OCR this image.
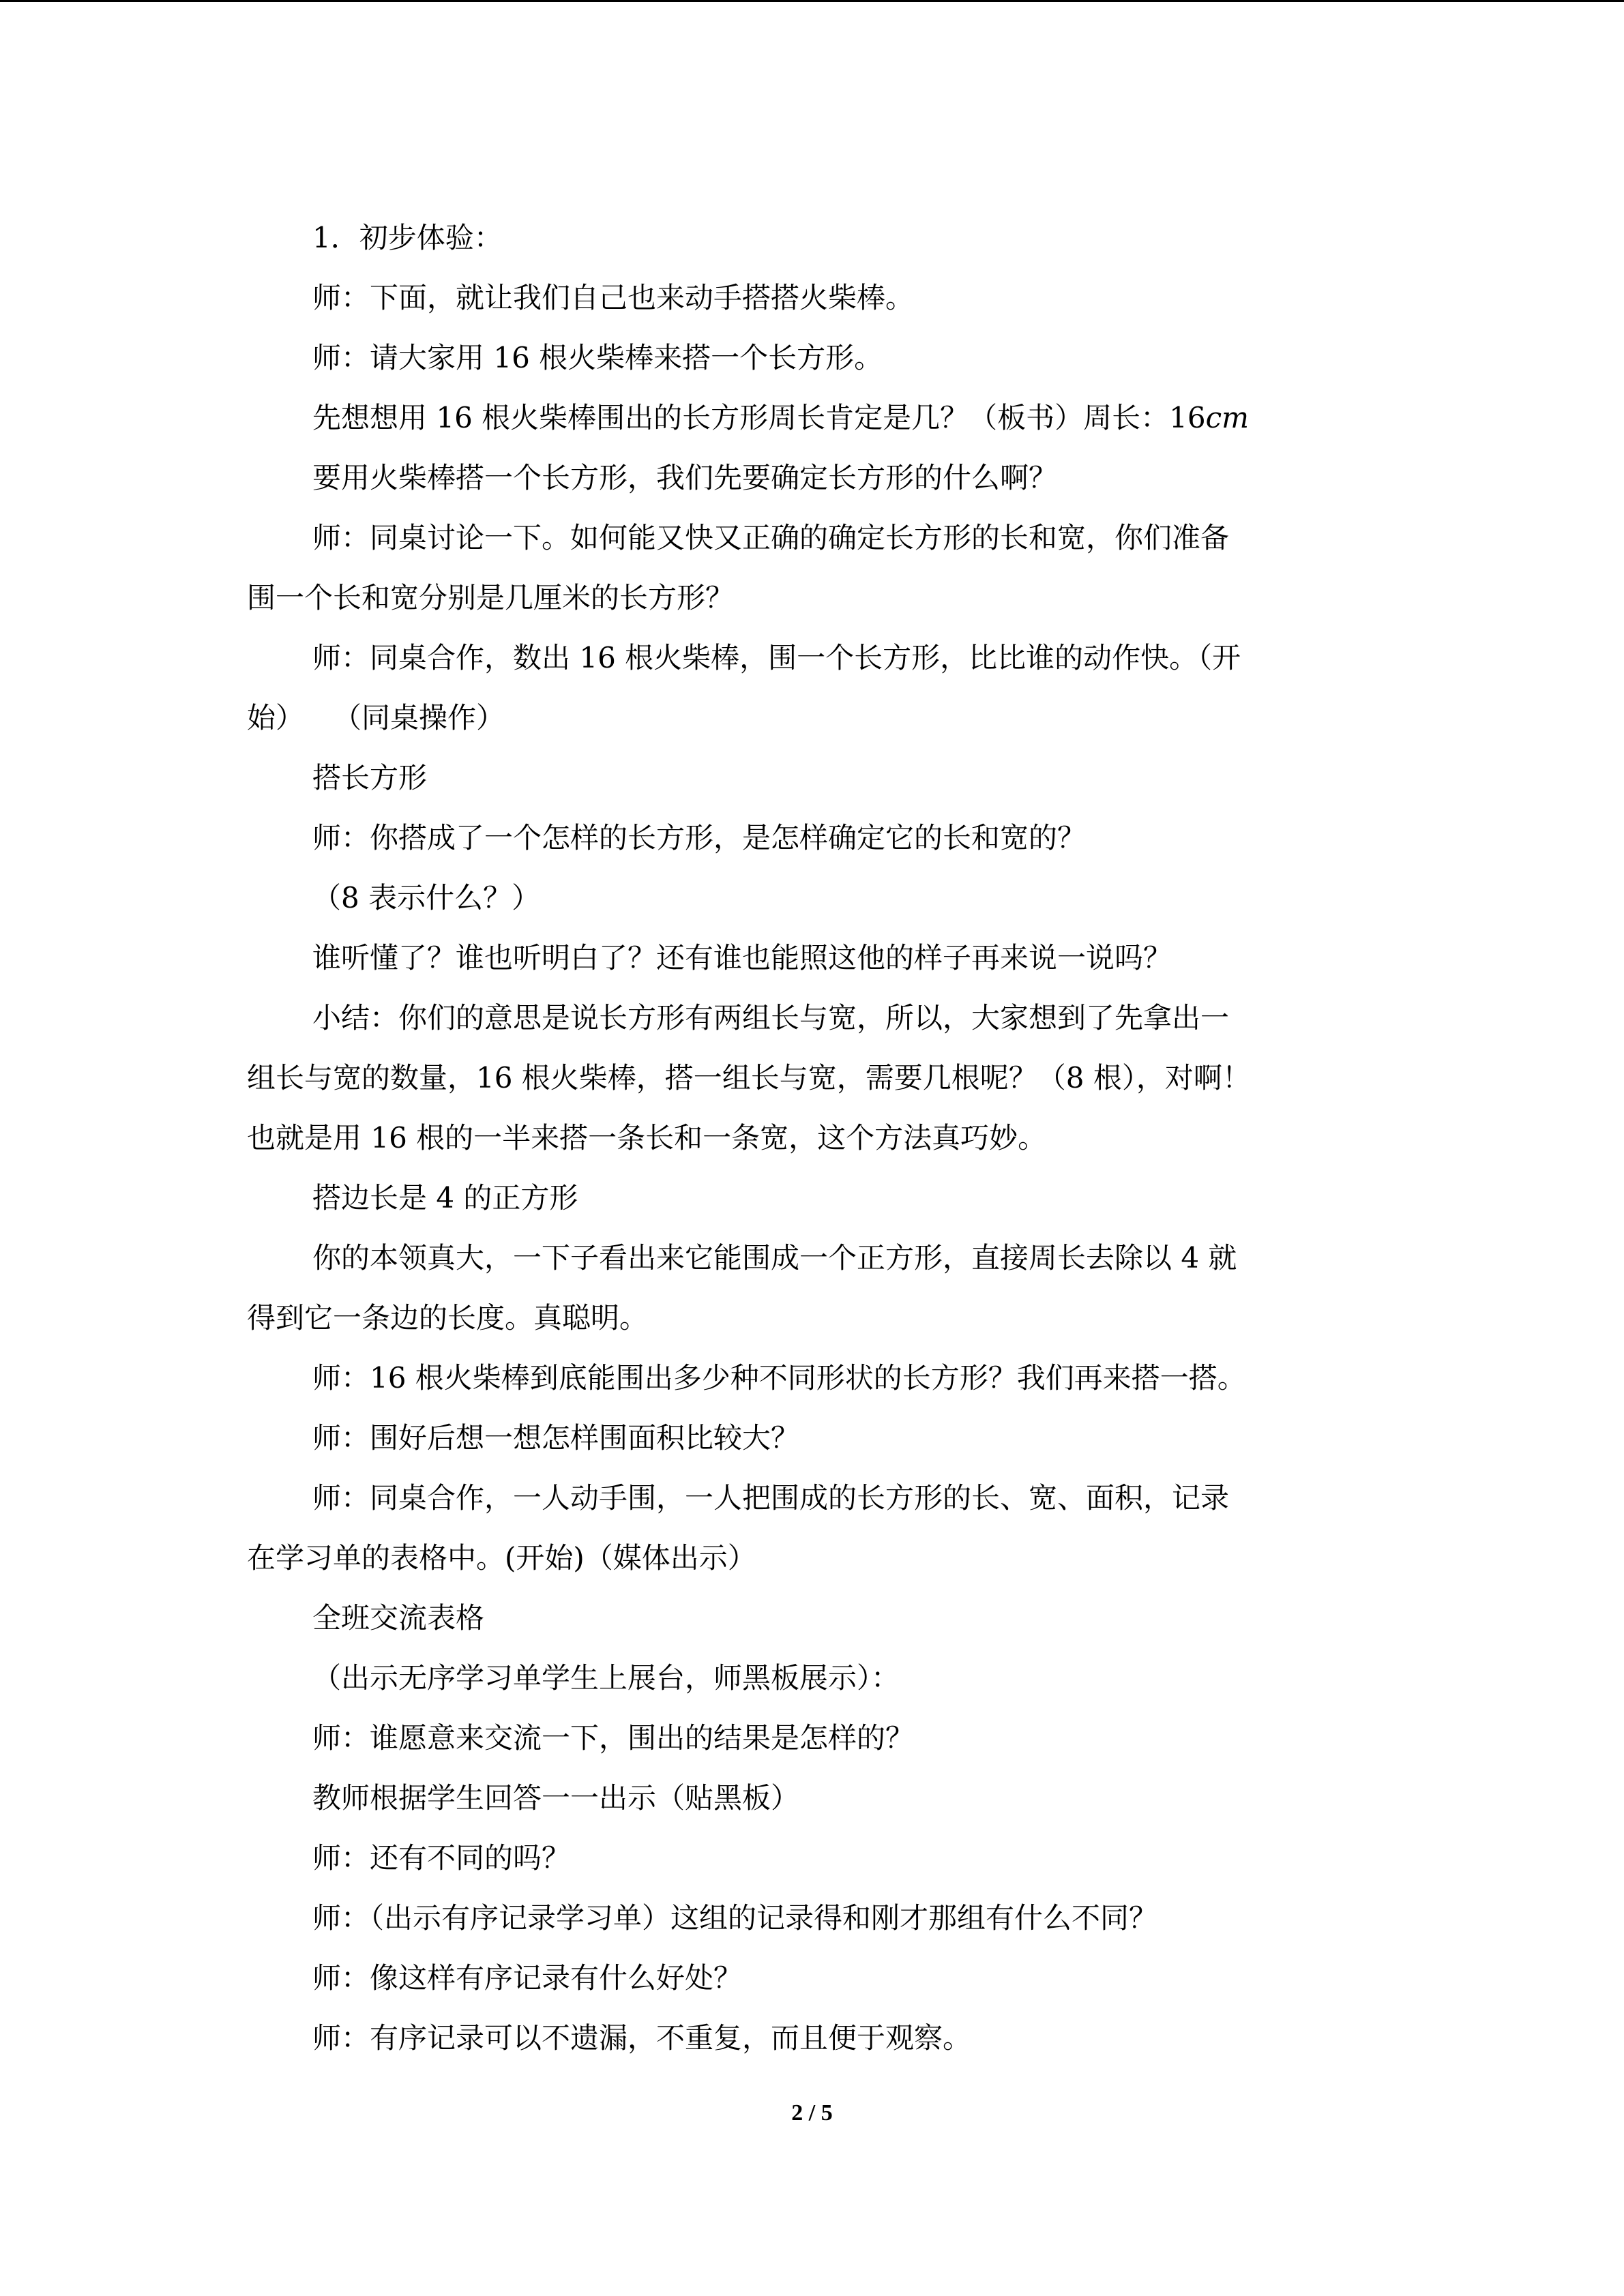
1．初步体验：

师：下面，就让我们自己也来动手搭搭火柴棒。

师：请大家用 16 根火柴棒来搭一个长方形。

先想想用 16 根火柴棒围出的长方形周长肯定是几？（板书）周长：16cm

要用火柴棒搭一个长方形，我们先要确定长方形的什么啊？

师：同桌讨论一下。如何能又快又正确的确定长方形的长和宽，你们准备

围一个长和宽分别是几厘米的长方形？

师：同桌合作，数出 16 根火柴棒，围一个长方形，比比谁的动作快。（开

始）　　（同桌操作）

搭长方形

师：你搭成了一个怎样的长方形，是怎样确定它的长和宽的？

（8 表示什么？）

谁听懂了？谁也听明白了？还有谁也能照这他的样子再来说一说吗？

小结：你们的意思是说长方形有两组长与宽，所以，大家想到了先拿出一

组长与宽的数量，16 根火柴棒，搭一组长与宽，需要几根呢？（8 根），对啊！

也就是用 16 根的一半来搭一条长和一条宽，这个方法真巧妙。

搭边长是 4 的正方形

你的本领真大，一下子看出来它能围成一个正方形，直接周长去除以 4 就

得到它一条边的长度。真聪明。

师：16 根火柴棒到底能围出多少种不同形状的长方形？我们再来搭一搭。

师：围好后想一想怎样围面积比较大？

师：同桌合作，一人动手围，一人把围成的长方形的长、宽、面积，记录

在学习单的表格中。(开始)（媒体出示）

全班交流表格

（出示无序学习单学生上展台，师黑板展示）：

师：谁愿意来交流一下，围出的结果是怎样的？

教师根据学生回答一一出示（贴黑板）

师：还有不同的吗？

师：（出示有序记录学习单）这组的记录得和刚才那组有什么不同？

师：像这样有序记录有什么好处？

师：有序记录可以不遗漏，不重复，而且便于观察。

2 / 5
